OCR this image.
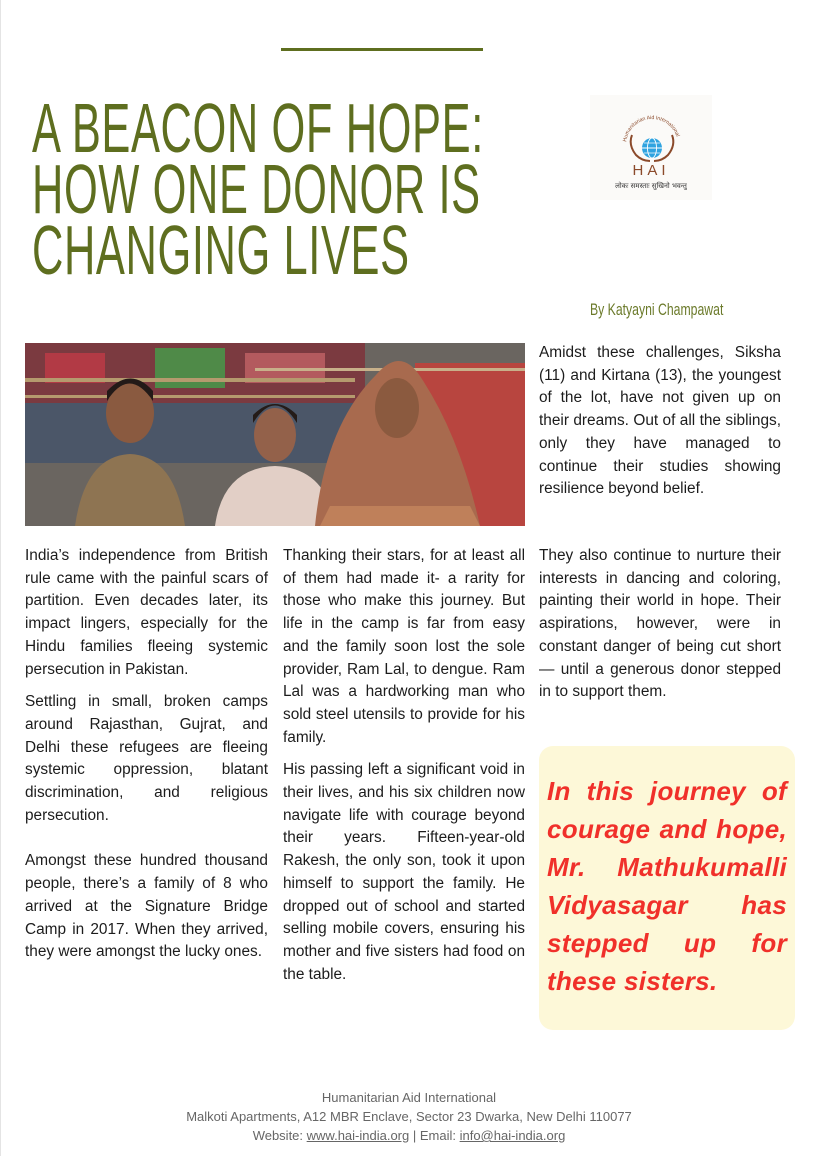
A BEACON OF HOPE:
HOW ONE DONOR IS
CHANGING LIVES
Humanitarian Aid International
HAI
लोकः समस्ताः सुखिनो भवन्तु
By Katyayni Champawat

India’s independence from British rule came with the painful scars of partition. Even decades later, its impact lingers, especially for the Hindu families fleeing systemic persecution in Pakistan.

Settling in small, broken camps around Rajasthan, Gujrat, and Delhi these refugees are fleeing systemic oppression, blatant discrimination, and religious persecution.

Amongst these hundred thousand people, there’s a family of 8 who arrived at the Signature Bridge Camp in 2017. When they arrived, they were amongst the lucky ones.

Thanking their stars, for at least all of them had made it- a rarity for those who make this journey. But life in the camp is far from easy and the family soon lost the sole provider, Ram Lal, to dengue. Ram Lal was a hardworking man who sold steel utensils to provide for his family.

His passing left a significant void in their lives, and his six children now navigate life with courage beyond their years. Fifteen-year-old Rakesh, the only son, took it upon himself to support the family. He dropped out of school and started selling mobile covers, ensuring his mother and five sisters had food on the table.

Amidst these challenges, Siksha (11) and Kirtana (13), the youngest of the lot, have not given up on their dreams. Out of all the siblings, only they have managed to continue their studies showing resilience beyond belief.

They also continue to nurture their interests in dancing and coloring, painting their world in hope. Their aspirations, however, were in constant danger of being cut short— until a generous donor stepped in to support them.

In this journey of courage and hope, Mr. Mathukumalli Vidyasagar has stepped up for these sisters.

Humanitarian Aid International
Malkoti Apartments, A12 MBR Enclave, Sector 23 Dwarka, New Delhi 110077
Website: www.hai-india.org | Email: info@hai-india.org
